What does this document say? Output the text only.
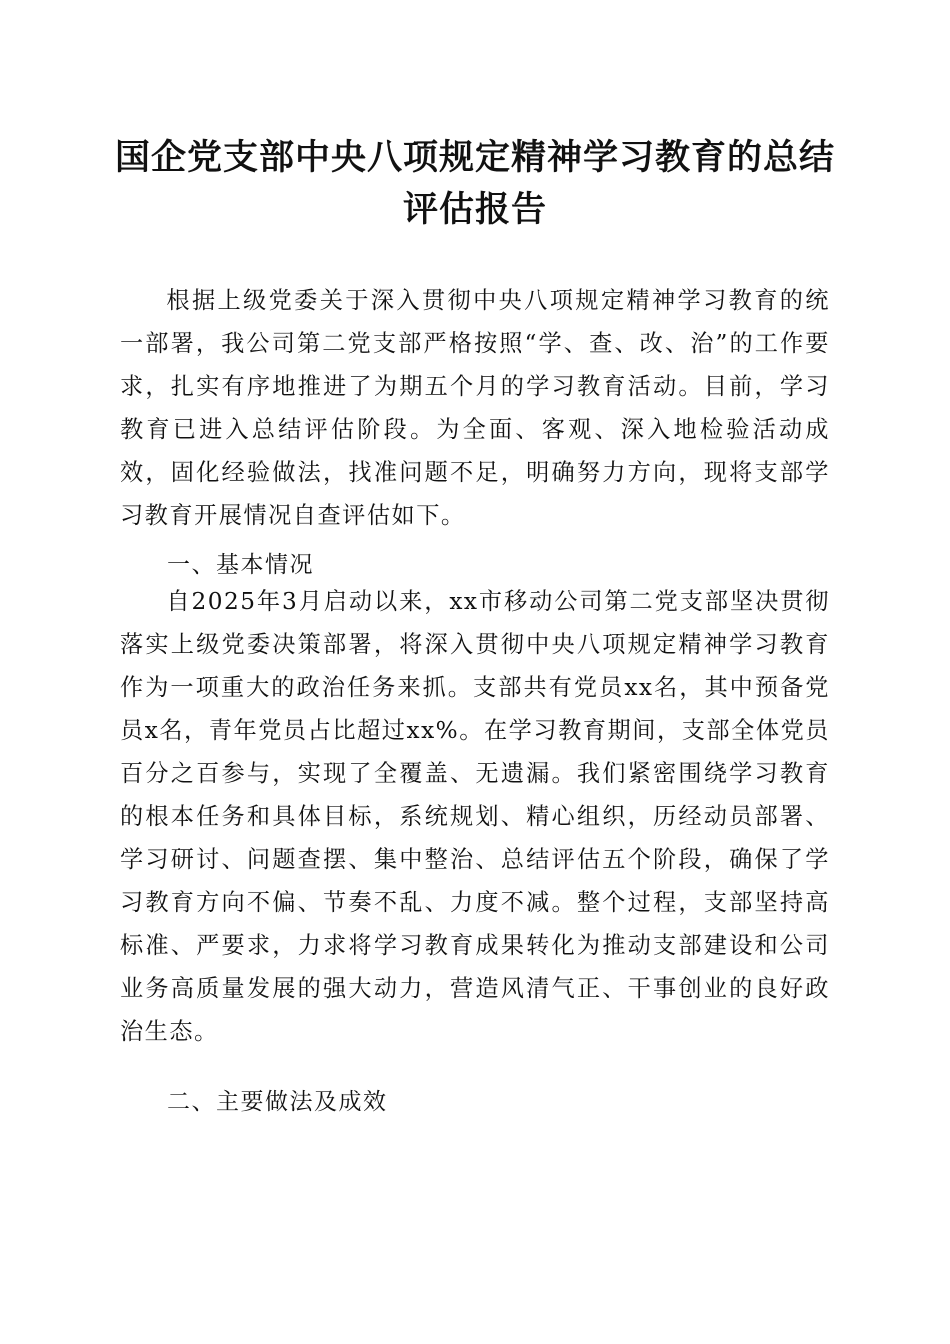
国企党支部中央八项规定精神学习教育的总结
评估报告

根据上级党委关于深入贯彻中央八项规定精神学习教育的统一部署，我公司第二党支部严格按照“学、查、改、治”的工作要求，扎实有序地推进了为期五个月的学习教育活动。目前，学习教育已进入总结评估阶段。为全面、客观、深入地检验活动成效，固化经验做法，找准问题不足，明确努力方向，现将支部学习教育开展情况自查评估如下。

一、基本情况

自2025年3月启动以来，xx市移动公司第二党支部坚决贯彻落实上级党委决策部署，将深入贯彻中央八项规定精神学习教育作为一项重大的政治任务来抓。支部共有党员xx名，其中预备党员x名，青年党员占比超过xx%。在学习教育期间，支部全体党员百分之百参与，实现了全覆盖、无遗漏。我们紧密围绕学习教育的根本任务和具体目标，系统规划、精心组织，历经动员部署、学习研讨、问题查摆、集中整治、总结评估五个阶段，确保了学习教育方向不偏、节奏不乱、力度不减。整个过程，支部坚持高标准、严要求，力求将学习教育成果转化为推动支部建设和公司业务高质量发展的强大动力，营造风清气正、干事创业的良好政治生态。

二、主要做法及成效
